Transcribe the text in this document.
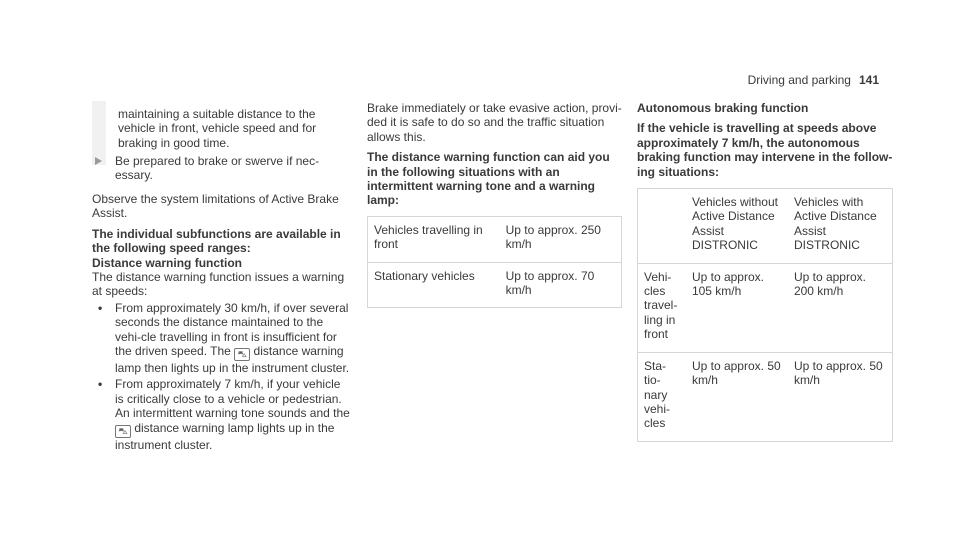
Driving and parking 141
maintaining a suitable distance to the vehicle in front, vehicle speed and for braking in good time.
Be prepared to brake or swerve if nec-essary.

Observe the system limitations of Active Brake Assist.

The individual subfunctions are available in the following speed ranges:
Distance warning function
The distance warning function issues a warning at speeds:
• From approximately 30 km/h, if over several seconds the distance maintained to the vehi-cle travelling in front is insufficient for the driven speed. The ⛍ distance warning lamp then lights up in the instrument cluster.
• From approximately 7 km/h, if your vehicle is critically close to a vehicle or pedestrian. An intermittent warning tone sounds and the ⛍ distance warning lamp lights up in the instrument cluster.

Brake immediately or take evasive action, provi-ded it is safe to do so and the traffic situation allows this.

The distance warning function can aid you in the following situations with an intermittent warning tone and a warning lamp:

Vehicles travelling in front	Up to approx. 250 km/h
Stationary vehicles	Up to approx. 70 km/h
Autonomous braking function
If the vehicle is travelling at speeds above approximately 7 km/h, the autonomous braking function may intervene in the follow-ing situations:
	Vehicles without Active Distance Assist DISTRONIC	Vehicles with Active Distance Assist DISTRONIC
Vehi-cles travel-ling in front	Up to approx. 105 km/h	Up to approx. 200 km/h
Sta-tio-nary vehi-cles	Up to approx. 50 km/h	Up to approx. 50 km/h
